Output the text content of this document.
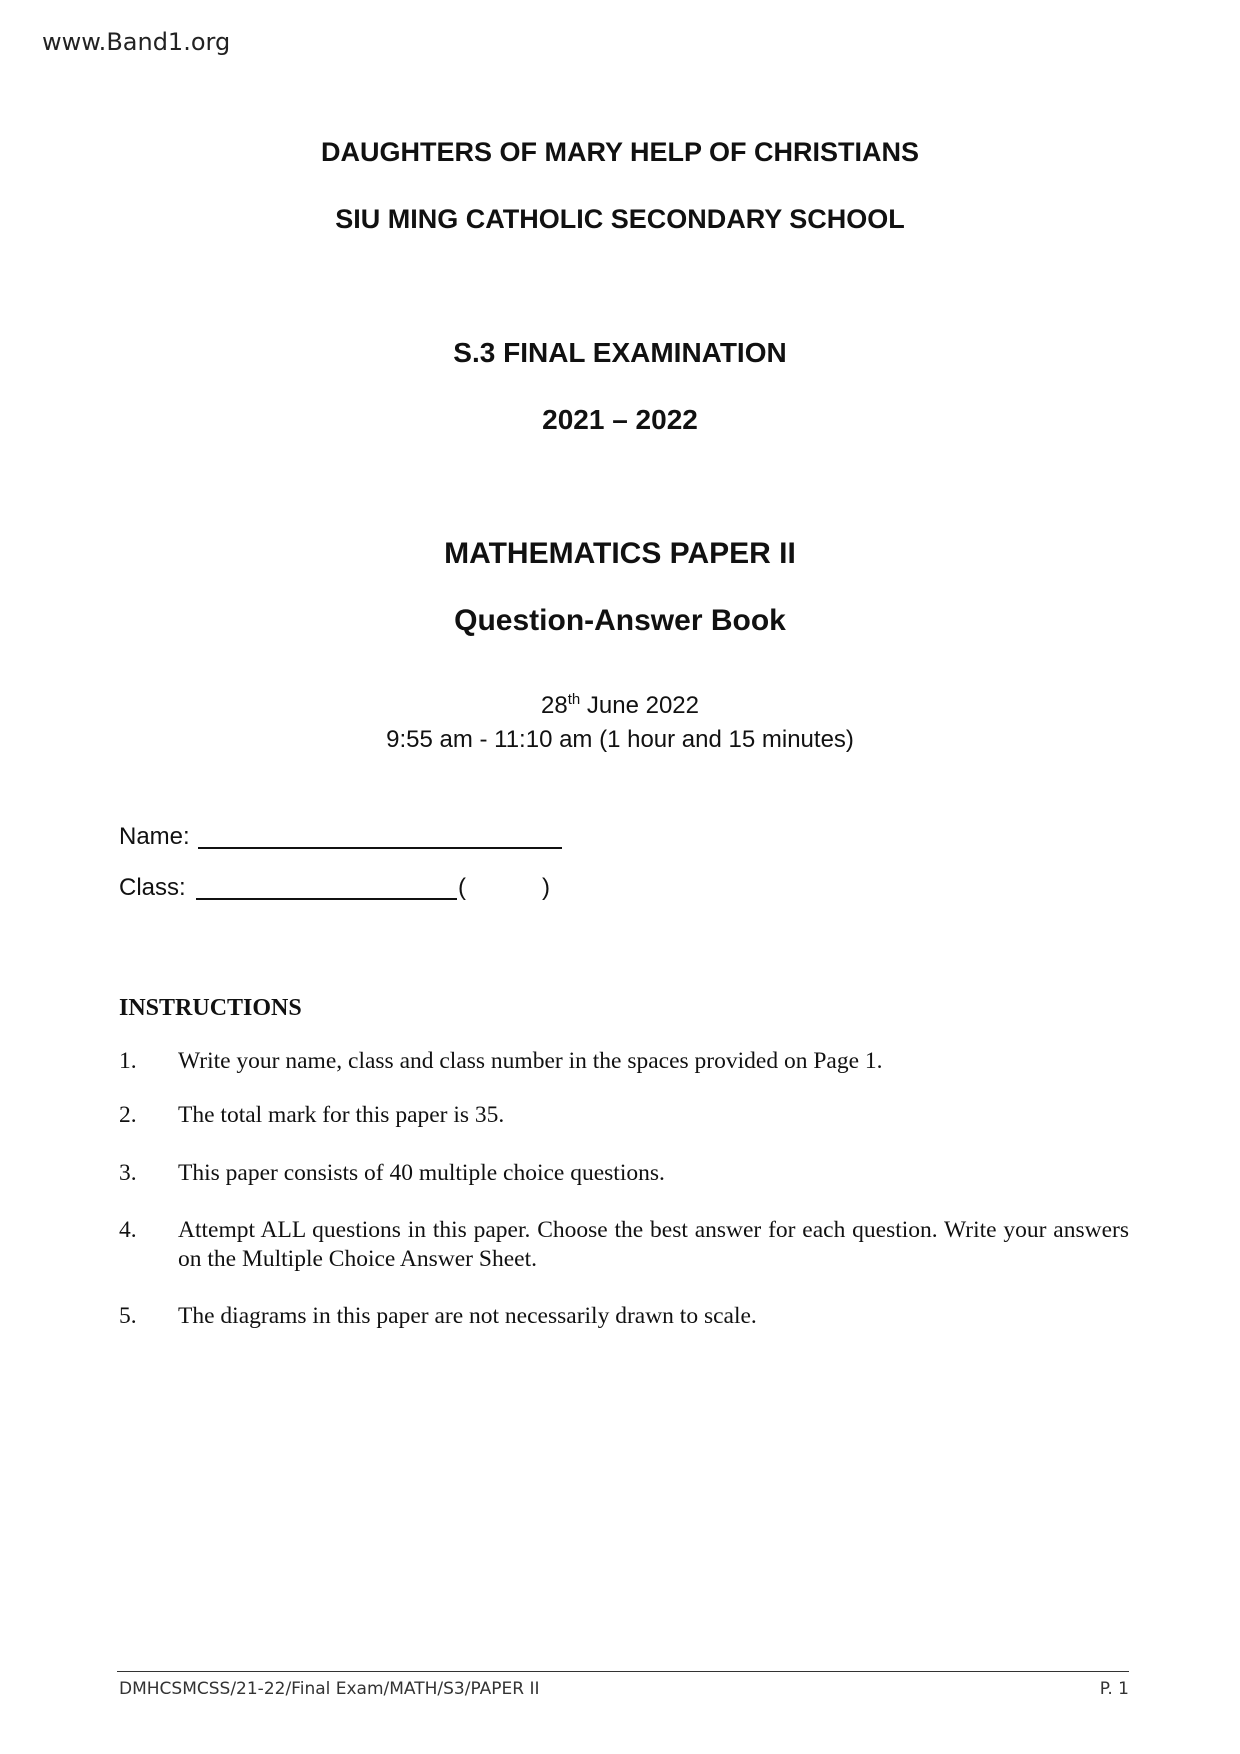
www.Band1.org
DAUGHTERS OF MARY HELP OF CHRISTIANS
SIU MING CATHOLIC SECONDARY SCHOOL
S.3 FINAL EXAMINATION
2021 – 2022
MATHEMATICS PAPER II
Question-Answer Book
28th June 2022
9:55 am - 11:10 am (1 hour and 15 minutes)
Name:
Class:	(	)
INSTRUCTIONS
1.	Write your name, class and class number in the spaces provided on Page 1.
2.	The total mark for this paper is 35.
3.	This paper consists of 40 multiple choice questions.
4.	Attempt ALL questions in this paper. Choose the best answer for each question. Write your answers on the Multiple Choice Answer Sheet.
5.	The diagrams in this paper are not necessarily drawn to scale.
DMHCSMCSS/21-22/Final Exam/MATH/S3/PAPER II	P. 1
